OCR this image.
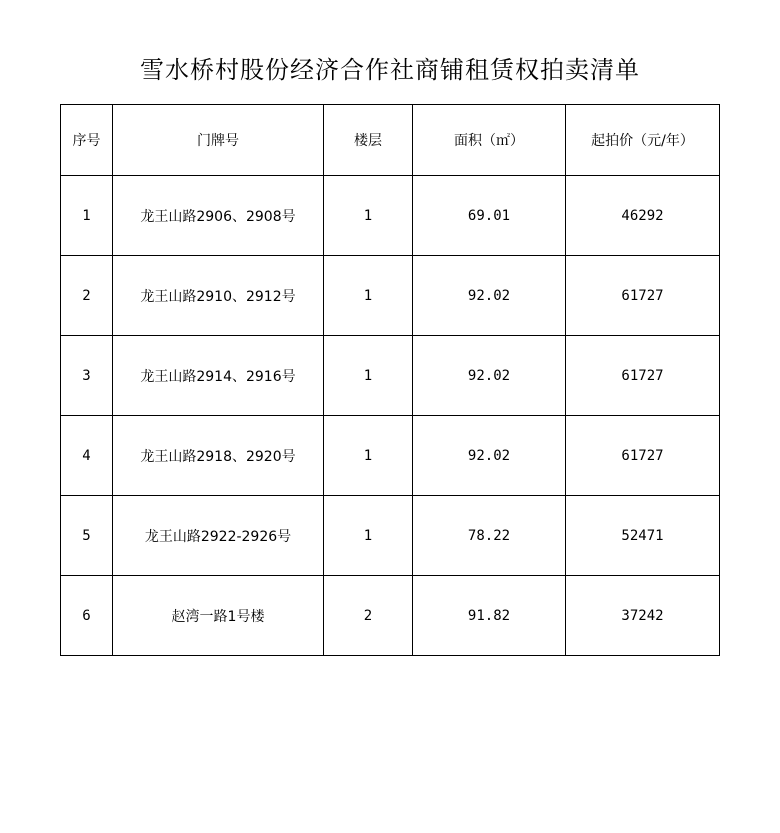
雪水桥村股份经济合作社商铺租赁权拍卖清单
序号	门牌号	楼层	面积（㎡）	起拍价（元/年）
1	龙王山路2906、2908号	1	69.01	46292
2	龙王山路2910、2912号	1	92.02	61727
3	龙王山路2914、2916号	1	92.02	61727
4	龙王山路2918、2920号	1	92.02	61727
5	龙王山路2922-2926号	1	78.22	52471
6	赵湾一路1号楼	2	91.82	37242
